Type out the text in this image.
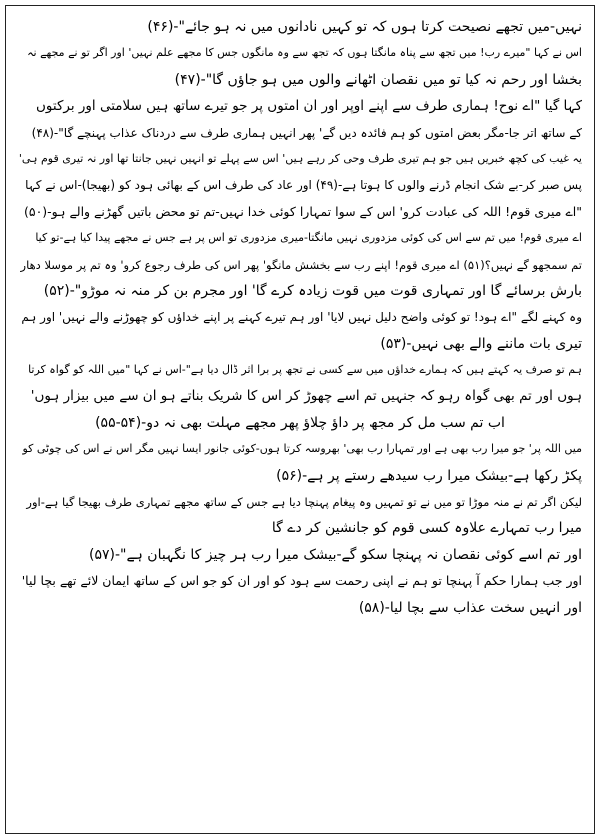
نہیں-میں تجھے نصیحت کرتا ہوں کہ تو کہیں نادانوں میں نہ ہو جائے"-(۴۶)
اس نے کہا "میرے رب! میں تجھ سے پناہ مانگتا ہوں کہ تجھ سے وہ مانگوں جس کا مجھے علم نہیں' اور اگر تو نے مجھے نہ
بخشا اور رحم نہ کیا تو میں نقصان اٹھانے والوں میں ہو جاؤں گا"-(۴۷)
کہا گیا "اے نوح! ہماری طرف سے اپنے اوپر اور ان امتوں پر جو تیرے ساتھ ہیں سلامتی اور برکتوں
کے ساتھ اتر جا-مگر بعض امتوں کو ہم فائدہ دیں گے' پھر انہیں ہماری طرف سے دردناک عذاب پہنچے گا"-(۴۸)
یہ غیب کی کچھ خبریں ہیں جو ہم تیری طرف وحی کر رہے ہیں' اس سے پہلے تو انہیں نہیں جانتا تھا اور نہ تیری قوم ہی'
پس صبر کر-بے شک انجام ڈرنے والوں کا ہوتا ہے-(۴۹) اور عاد کی طرف اس کے بھائی ہود کو (بھیجا)-اس نے کہا
"اے میری قوم! اللہ کی عبادت کرو' اس کے سوا تمہارا کوئی خدا نہیں-تم تو محض باتیں گھڑنے والے ہو-(۵۰)
اے میری قوم! میں تم سے اس کی کوئی مزدوری نہیں مانگتا-میری مزدوری تو اس پر ہے جس نے مجھے پیدا کیا ہے-تو کیا
تم سمجھو گے نہیں؟(۵۱) اے میری قوم! اپنے رب سے بخشش مانگو' پھر اس کی طرف رجوع کرو' وہ تم پر موسلا دھار
بارش برسائے گا اور تمہاری قوت میں قوت زیادہ کرے گا' اور مجرم بن کر منہ نہ موڑو"-(۵۲)
وہ کہنے لگے "اے ہود! تو کوئی واضح دلیل نہیں لایا' اور ہم تیرے کہنے پر اپنے خداؤں کو چھوڑنے والے نہیں' اور ہم
تیری بات ماننے والے بھی نہیں-(۵۳)
ہم تو صرف یہ کہتے ہیں کہ ہمارے خداؤں میں سے کسی نے تجھ پر برا اثر ڈال دیا ہے"-اس نے کہا "میں اللہ کو گواہ کرتا
ہوں اور تم بھی گواہ رہو کہ جنہیں تم اسے چھوڑ کر اس کا شریک بناتے ہو ان سے میں بیزار ہوں'
اب تم سب مل کر مجھ پر داؤ چلاؤ پھر مجھے مہلت بھی نہ دو-(۵۴-۵۵)
میں اللہ پر' جو میرا رب بھی ہے اور تمہارا رب بھی' بھروسہ کرتا ہوں-کوئی جانور ایسا نہیں مگر اس نے اس کی چوٹی کو
پکڑ رکھا ہے-بیشک میرا رب سیدھے رستے پر ہے-(۵۶)
لیکن اگر تم نے منہ موڑا تو میں نے تو تمہیں وہ پیغام پہنچا دیا ہے جس کے ساتھ مجھے تمہاری طرف بھیجا گیا ہے-اور
میرا رب تمہارے علاوہ کسی قوم کو جانشین کر دے گا
اور تم اسے کوئی نقصان نہ پہنچا سکو گے-بیشک میرا رب ہر چیز کا نگہبان ہے"-(۵۷)
اور جب ہمارا حکم آ پہنچا تو ہم نے اپنی رحمت سے ہود کو اور ان کو جو اس کے ساتھ ایمان لائے تھے بچا لیا'
اور انہیں سخت عذاب سے بچا لیا-(۵۸)
